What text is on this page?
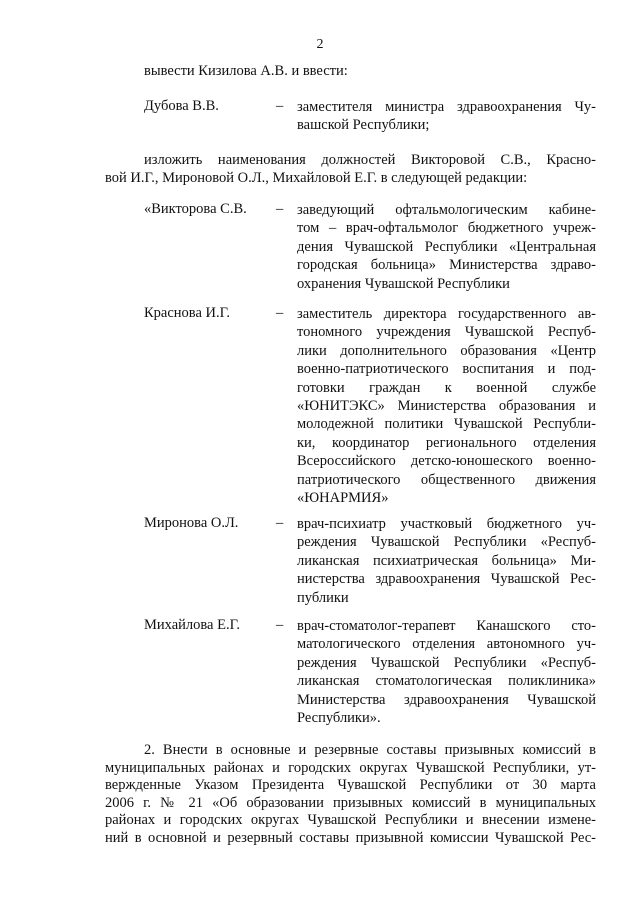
2
вывести Кизилова А.В. и ввести:
Дубова В.В.	– заместителя министра здравоохранения Чу-
вашской Республики;
изложить наименования должностей Викторовой С.В., Красно-
вой И.Г., Мироновой О.Л., Михайловой Е.Г. в следующей редакции:
«Викторова С.В. – заведующий офтальмологическим кабине-
том – врач-офтальмолог бюджетного учреж-
дения Чувашской Республики «Центральная
городская больница» Министерства здраво-
охранения Чувашской Республики
Краснова И.Г.	– заместитель директора государственного ав-
тономного учреждения Чувашской Респуб-
лики дополнительного образования «Центр
военно-патриотического воспитания и под-
готовки граждан к военной службе
«ЮНИТЭКС» Министерства образования и
молодежной политики Чувашской Республи-
ки, координатор регионального отделения
Всероссийского детско-юношеского военно-
патриотического общественного движения
«ЮНАРМИЯ»
Миронова О.Л.	– врач-психиатр участковый бюджетного уч-
реждения Чувашской Республики «Респуб-
ликанская психиатрическая больница» Ми-
нистерства здравоохранения Чувашской Рес-
публики
Михайлова Е.Г. – врач-стоматолог-терапевт Канашского сто-
матологического отделения автономного уч-
реждения Чувашской Республики «Респуб-
ликанская стоматологическая поликлиника»
Министерства здравоохранения Чувашской
Республики».
2. Внести в основные и резервные составы призывных комиссий в
муниципальных районах и городских округах Чувашской Республики, ут-
вержденные Указом Президента Чувашской Республики от 30 марта
2006 г. № 21 «Об образовании призывных комиссий в муниципальных
районах и городских округах Чувашской Республики и внесении измене-
ний в основной и резервный составы призывной комиссии Чувашской Рес-
